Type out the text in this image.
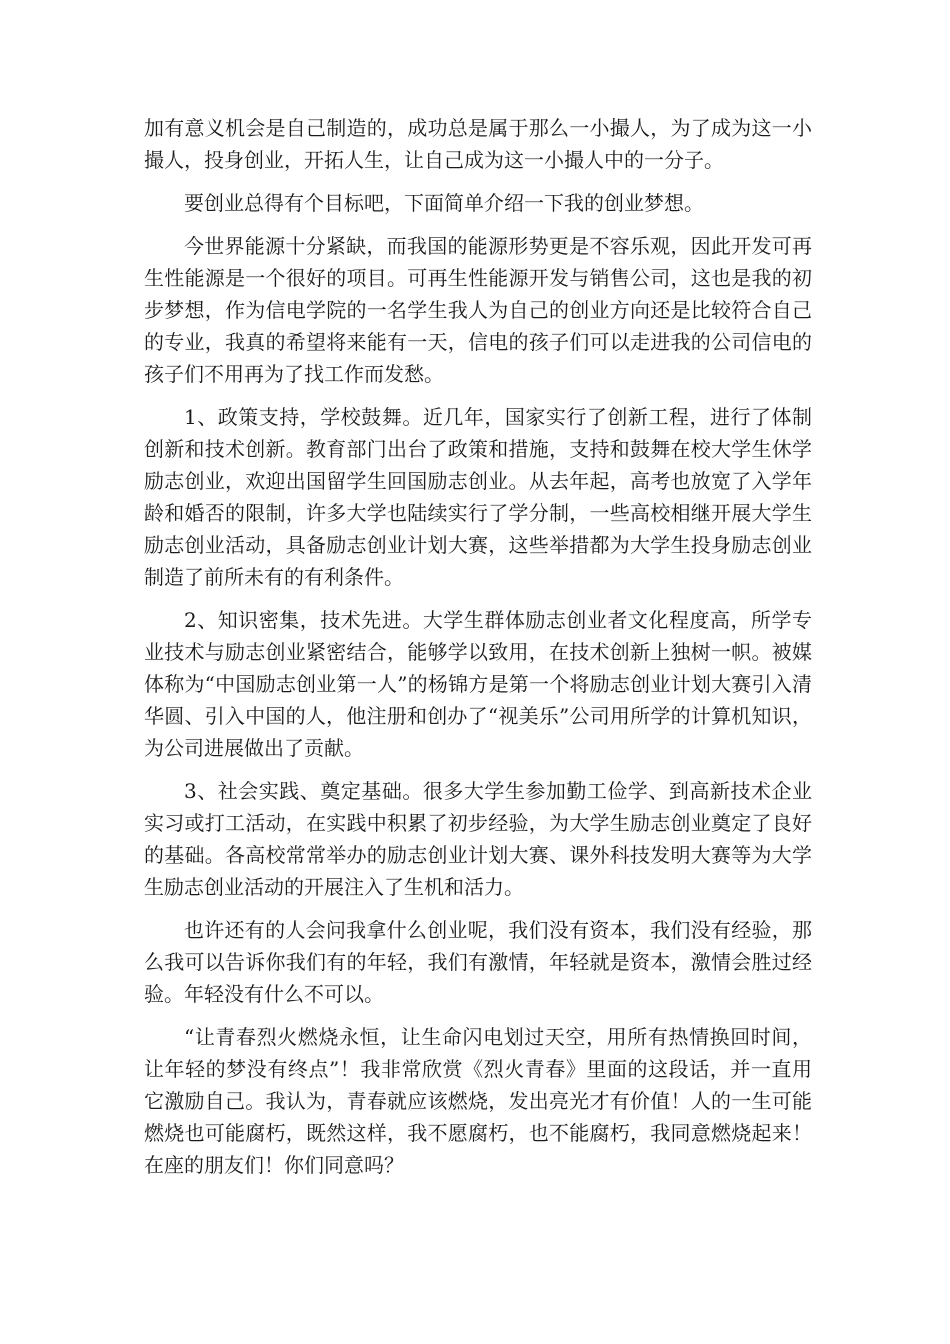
加有意义机会是自己制造的，成功总是属于那么一小撮人，为了成为这一小撮人，投身创业，开拓人生，让自己成为这一小撮人中的一分子。

要创业总得有个目标吧，下面简单介绍一下我的创业梦想。

今世界能源十分紧缺，而我国的能源形势更是不容乐观，因此开发可再生性能源是一个很好的项目。可再生性能源开发与销售公司，这也是我的初步梦想，作为信电学院的一名学生我人为自己的创业方向还是比较符合自己的专业，我真的希望将来能有一天，信电的孩子们可以走进我的公司信电的孩子们不用再为了找工作而发愁。

1、政策支持，学校鼓舞。近几年，国家实行了创新工程，进行了体制创新和技术创新。教育部门出台了政策和措施，支持和鼓舞在校大学生休学励志创业，欢迎出国留学生回国励志创业。从去年起，高考也放宽了入学年龄和婚否的限制，许多大学也陆续实行了学分制，一些高校相继开展大学生励志创业活动，具备励志创业计划大赛，这些举措都为大学生投身励志创业制造了前所未有的有利条件。

2、知识密集，技术先进。大学生群体励志创业者文化程度高，所学专业技术与励志创业紧密结合，能够学以致用，在技术创新上独树一帜。被媒体称为“中国励志创业第一人”的杨锦方是第一个将励志创业计划大赛引入清华圆、引入中国的人，他注册和创办了“视美乐”公司用所学的计算机知识，为公司进展做出了贡献。

3、社会实践、奠定基础。很多大学生参加勤工俭学、到高新技术企业实习或打工活动，在实践中积累了初步经验，为大学生励志创业奠定了良好的基础。各高校常常举办的励志创业计划大赛、课外科技发明大赛等为大学生励志创业活动的开展注入了生机和活力。

也许还有的人会问我拿什么创业呢，我们没有资本，我们没有经验，那么我可以告诉你我们有的年轻，我们有激情，年轻就是资本，激情会胜过经验。年轻没有什么不可以。

“让青春烈火燃烧永恒，让生命闪电划过天空，用所有热情换回时间，让年轻的梦没有终点”！我非常欣赏《烈火青春》里面的这段话，并一直用它激励自己。我认为，青春就应该燃烧，发出亮光才有价值！人的一生可能燃烧也可能腐朽，既然这样，我不愿腐朽，也不能腐朽，我同意燃烧起来！在座的朋友们！你们同意吗？
